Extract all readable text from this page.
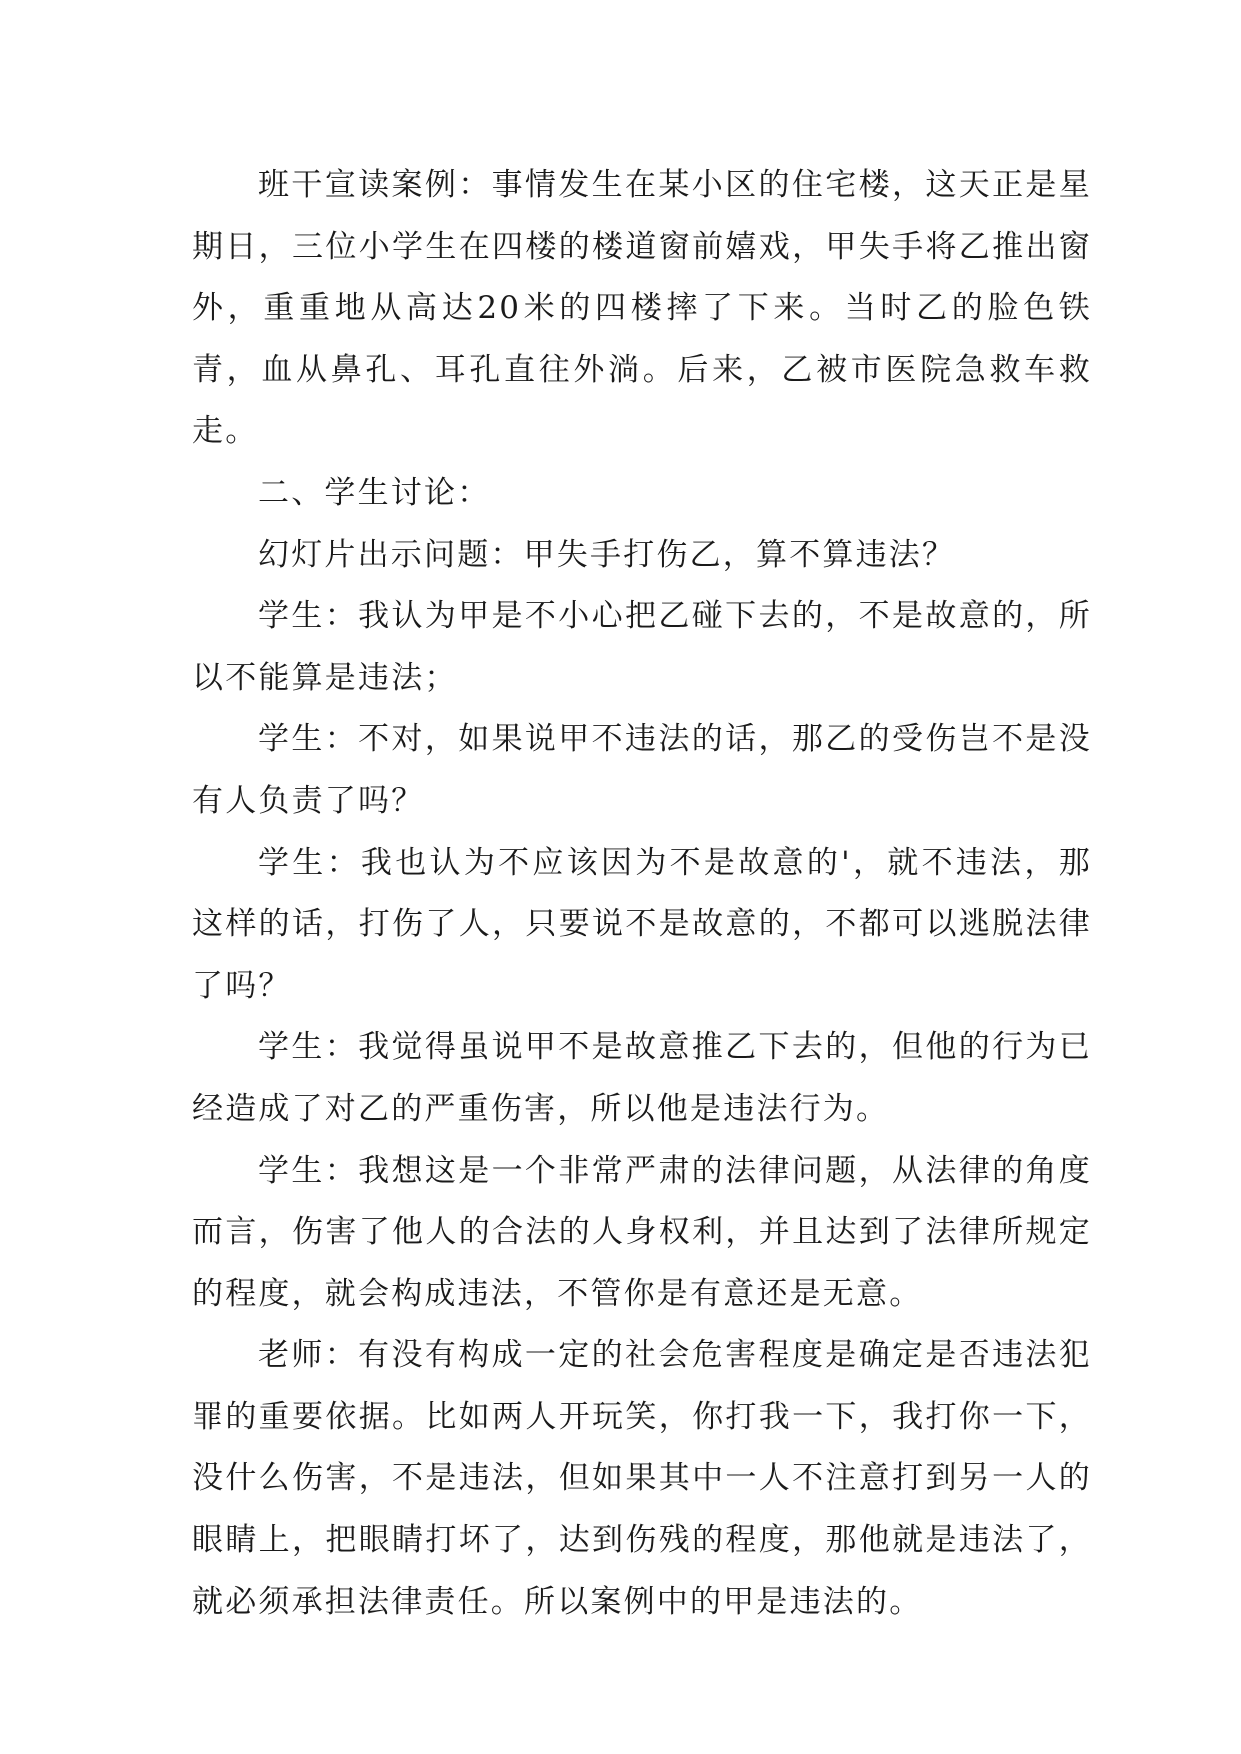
班干宣读案例：事情发生在某小区的住宅楼，这天正是星期日，三位小学生在四楼的楼道窗前嬉戏，甲失手将乙推出窗外，重重地从高达20米的四楼摔了下来。当时乙的脸色铁青，血从鼻孔、耳孔直往外淌。后来，乙被市医院急救车救走。

二、学生讨论：

幻灯片出示问题：甲失手打伤乙，算不算违法？

学生：我认为甲是不小心把乙碰下去的，不是故意的，所以不能算是违法；

学生：不对，如果说甲不违法的话，那乙的受伤岂不是没有人负责了吗？

学生：我也认为不应该因为不是故意的'，就不违法，那这样的话，打伤了人，只要说不是故意的，不都可以逃脱法律了吗？

学生：我觉得虽说甲不是故意推乙下去的，但他的行为已经造成了对乙的严重伤害，所以他是违法行为。

学生：我想这是一个非常严肃的法律问题，从法律的角度而言，伤害了他人的合法的人身权利，并且达到了法律所规定的程度，就会构成违法，不管你是有意还是无意。

老师：有没有构成一定的社会危害程度是确定是否违法犯罪的重要依据。比如两人开玩笑，你打我一下，我打你一下，没什么伤害，不是违法，但如果其中一人不注意打到另一人的眼睛上，把眼睛打坏了，达到伤残的程度，那他就是违法了，就必须承担法律责任。所以案例中的甲是违法的。
